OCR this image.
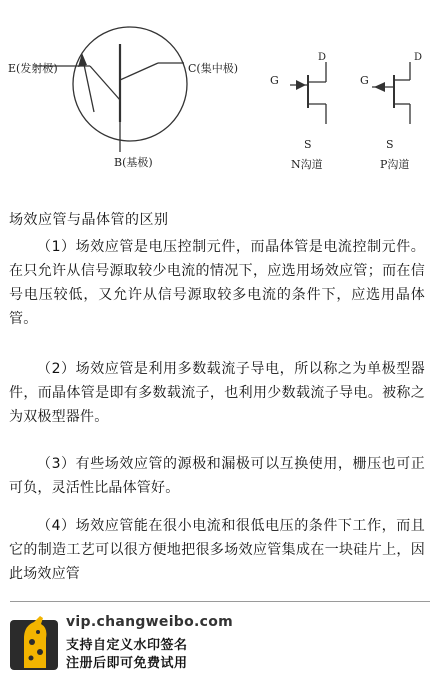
E(发射极)	C(集中极)
B(基极)
D
G
S
N沟道
D
G
S
P沟道
场效应管与晶体管的区别

（1）场效应管是电压控制元件，而晶体管是电流控制元件。在只允许从信号源取较少电流的情况下，应选用场效应管；而在信号电压较低，又允许从信号源取较多电流的条件下，应选用晶体管。

（2）场效应管是利用多数载流子导电，所以称之为单极型器件，而晶体管是即有多数载流子，也利用少数载流子导电。被称之为双极型器件。

（3）有些场效应管的源极和漏极可以互换使用，栅压也可正可负，灵活性比晶体管好。

（4）场效应管能在很小电流和很低电压的条件下工作，而且它的制造工艺可以很方便地把很多场效应管集成在一块硅片上，因此场效应管

vip.changweibo.com
支持自定义水印签名
注册后即可免费试用
